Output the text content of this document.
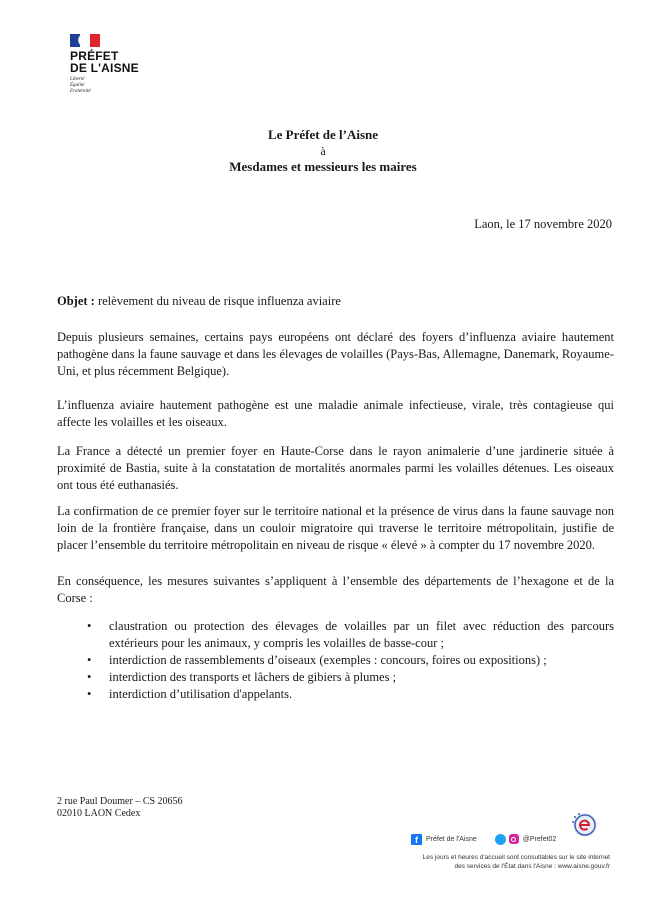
PRÉFET
DE L'AISNE
Liberté
Égalité
Fraternité
Le Préfet de l’Aisne
à
Mesdames et messieurs les maires
Laon, le 17 novembre 2020
Objet : relèvement du niveau de risque influenza aviaire

Depuis plusieurs semaines, certains pays européens ont déclaré des foyers d’influenza aviaire hautement pathogène dans la faune sauvage et dans les élevages de volailles (Pays-Bas, Allemagne, Danemark, Royaume-Uni, et plus récemment Belgique).

L’influenza aviaire hautement pathogène est une maladie animale infectieuse, virale, très contagieuse qui affecte les volailles et les oiseaux.

La France a détecté un premier foyer en Haute-Corse dans le rayon animalerie d’une jardinerie située à proximité de Bastia, suite à la constatation de mortalités anormales parmi les volailles détenues. Les oiseaux ont tous été euthanasiés.

La confirmation de ce premier foyer sur le territoire national et la présence de virus dans la faune sauvage non loin de la frontière française, dans un couloir migratoire qui traverse le territoire métropolitain, justifie de placer l’ensemble du territoire métropolitain en niveau de risque « élevé » à compter du 17 novembre 2020.

En conséquence, les mesures suivantes s’appliquent à l’ensemble des départements de l’hexagone et de la Corse :

• claustration ou protection des élevages de volailles par un filet avec réduction des parcours extérieurs pour les animaux, y compris les volailles de basse-cour ;
• interdiction de rassemblements d’oiseaux (exemples : concours, foires ou expositions) ;
• interdiction des transports et lâchers de gibiers à plumes ;
• interdiction d’utilisation d'appelants.
2 rue Paul Doumer – CS 20656
02010 LAON Cedex
f	Préfet de l'Aisne	@Prefet02
Les jours et heures d'accueil sont consultables sur le site internet
des services de l'État dans l'Aisne : www.aisne.gouv.fr
